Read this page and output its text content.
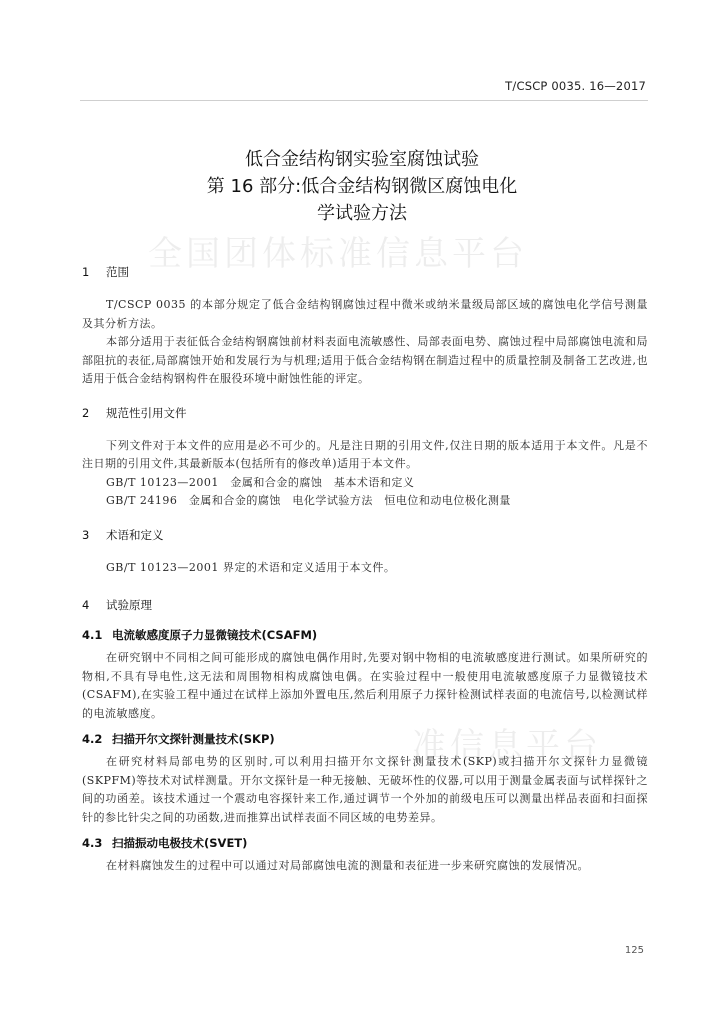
T/CSCP 0035. 16—2017
低合金结构钢实验室腐蚀试验
第 16 部分:低合金结构钢微区腐蚀电化
学试验方法
全国团体标准信息平台
准信息平台
1 范围

T/CSCP 0035 的本部分规定了低合金结构钢腐蚀过程中微米或纳米量级局部区域的腐蚀电化学信号测量及其分析方法。

本部分适用于表征低合金结构钢腐蚀前材料表面电流敏感性、局部表面电势、腐蚀过程中局部腐蚀电流和局部阻抗的表征,局部腐蚀开始和发展行为与机理;适用于低合金结构钢在制造过程中的质量控制及制备工艺改进,也适用于低合金结构钢构件在服役环境中耐蚀性能的评定。

2 规范性引用文件

下列文件对于本文件的应用是必不可少的。凡是注日期的引用文件,仅注日期的版本适用于本文件。凡是不注日期的引用文件,其最新版本(包括所有的修改单)适用于本文件。

GB/T 10123—2001　金属和合金的腐蚀　基本术语和定义

GB/T 24196　金属和合金的腐蚀　电化学试验方法　恒电位和动电位极化测量

3 术语和定义

GB/T 10123—2001 界定的术语和定义适用于本文件。

4 试验原理
4.1 电流敏感度原子力显微镜技术(CSAFM)

在研究钢中不同相之间可能形成的腐蚀电偶作用时,先要对钢中物相的电流敏感度进行测试。如果所研究的物相,不具有导电性,这无法和周围物相构成腐蚀电偶。在实验过程中一般使用电流敏感度原子力显微镜技术(CSAFM),在实验工程中通过在试样上添加外置电压,然后利用原子力探针检测试样表面的电流信号,以检测试样的电流敏感度。

4.2 扫描开尔文探针测量技术(SKP)

在研究材料局部电势的区别时,可以利用扫描开尔文探针测量技术(SKP)或扫描开尔文探针力显微镜(SKPFM)等技术对试样测量。开尔文探针是一种无接触、无破坏性的仪器,可以用于测量金属表面与试样探针之间的功函差。该技术通过一个震动电容探针来工作,通过调节一个外加的前级电压可以测量出样品表面和扫面探针的参比针尖之间的功函数,进而推算出试样表面不同区域的电势差异。

4.3 扫描振动电极技术(SVET)

在材料腐蚀发生的过程中可以通过对局部腐蚀电流的测量和表征进一步来研究腐蚀的发展情况。

125
